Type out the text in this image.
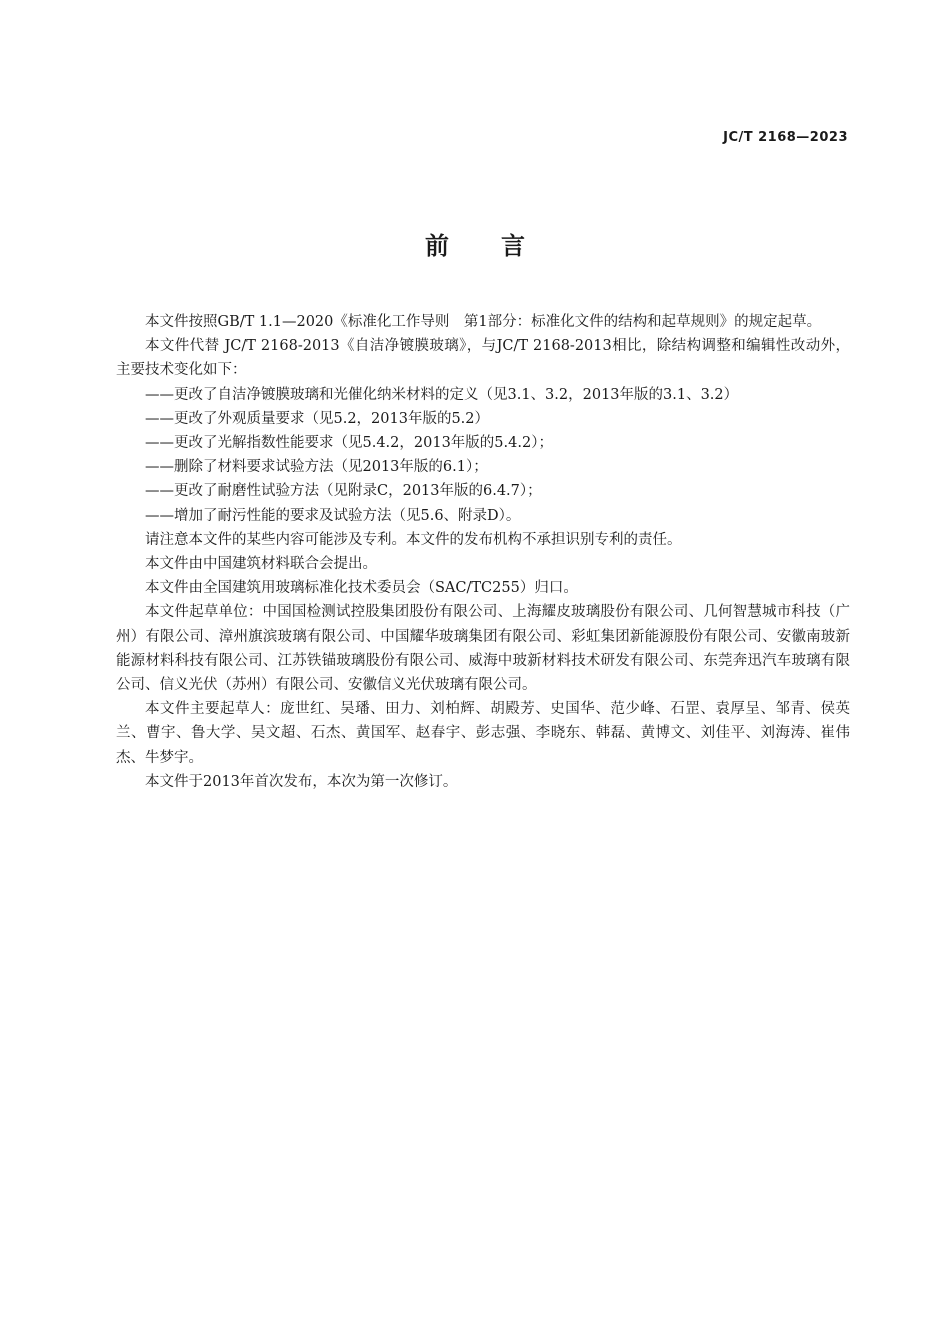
JC/T 2168—2023
前言

本文件按照GB/T 1.1—2020《标准化工作导则　第1部分：标准化文件的结构和起草规则》的规定起草。

本文件代替 JC/T 2168-2013《自洁净镀膜玻璃》，与JC/T 2168-2013相比，除结构调整和编辑性改动外，主要技术变化如下：

——更改了自洁净镀膜玻璃和光催化纳米材料的定义（见3.1、3.2，2013年版的3.1、3.2）
——更改了外观质量要求（见5.2，2013年版的5.2）
——更改了光解指数性能要求（见5.4.2，2013年版的5.4.2）；
——删除了材料要求试验方法（见2013年版的6.1）；
——更改了耐磨性试验方法（见附录C，2013年版的6.4.7）；
——增加了耐污性能的要求及试验方法（见5.6、附录D）。

请注意本文件的某些内容可能涉及专利。本文件的发布机构不承担识别专利的责任。

本文件由中国建筑材料联合会提出。

本文件由全国建筑用玻璃标准化技术委员会（SAC/TC255）归口。

本文件起草单位：中国国检测试控股集团股份有限公司、上海耀皮玻璃股份有限公司、几何智慧城市科技（广州）有限公司、漳州旗滨玻璃有限公司、中国耀华玻璃集团有限公司、彩虹集团新能源股份有限公司、安徽南玻新能源材料科技有限公司、江苏铁锚玻璃股份有限公司、威海中玻新材料技术研发有限公司、东莞奔迅汽车玻璃有限公司、信义光伏（苏州）有限公司、安徽信义光伏玻璃有限公司。

本文件主要起草人：庞世红、吴璠、田力、刘柏辉、胡殿芳、史国华、范少峰、石罡、袁厚呈、邹青、侯英兰、曹宇、鲁大学、吴文超、石杰、黄国军、赵春宇、彭志强、李晓东、韩磊、黄博文、刘佳平、刘海涛、崔伟杰、牛梦宇。

本文件于2013年首次发布，本次为第一次修订。
